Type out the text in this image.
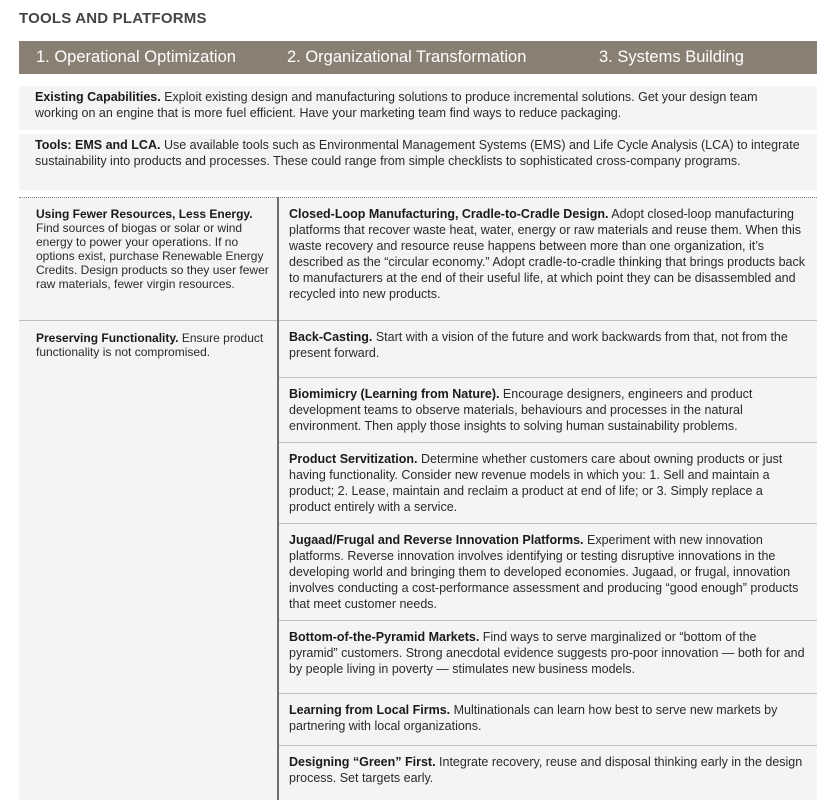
TOOLS AND PLATFORMS
1. Operational Optimization	2. Organizational Transformation	3. Systems Building
Existing Capabilities. Exploit existing design and manufacturing solutions to produce incremental solutions. Get your design team working on an engine that is more fuel efficient. Have your marketing team find ways to reduce packaging.
Tools: EMS and LCA. Use available tools such as Environmental Management Systems (EMS) and Life Cycle Analysis (LCA) to integrate sustainability into products and processes. These could range from simple checklists to sophisticated cross-company programs.
Using Fewer Resources, Less Energy. Find sources of biogas or solar or wind energy to power your operations. If no options exist, purchase Renewable Energy Credits. Design products so they user fewer raw materials, fewer virgin resources.
Preserving Functionality. Ensure product functionality is not compromised.
Closed-Loop Manufacturing, Cradle-to-Cradle Design. Adopt closed-loop manufacturing platforms that recover waste heat, water, energy or raw materials and reuse them. When this waste recovery and resource reuse happens between more than one organization, it’s described as the “circular economy.” Adopt cradle-to-cradle thinking that brings products back to manufacturers at the end of their useful life, at which point they can be disassembled and recycled into new products.
Back-Casting. Start with a vision of the future and work backwards from that, not from the present forward.
Biomimicry (Learning from Nature). Encourage designers, engineers and product development teams to observe materials, behaviours and processes in the natural environment. Then apply those insights to solving human sustainability problems.
Product Servitization. Determine whether customers care about owning products or just having functionality. Consider new revenue models in which you: 1. Sell and maintain a product; 2. Lease, maintain and reclaim a product at end of life; or 3. Simply replace a product entirely with a service.
Jugaad/Frugal and Reverse Innovation Platforms. Experiment with new innovation platforms. Reverse innovation involves identifying or testing disruptive innovations in the developing world and bringing them to developed economies. Jugaad, or frugal, innovation involves conducting a cost-performance assessment and producing “good enough” products that meet customer needs.
Bottom-of-the-Pyramid Markets. Find ways to serve marginalized or “bottom of the pyramid” customers. Strong anecdotal evidence suggests pro-poor innovation — both for and by people living in poverty — stimulates new business models.
Learning from Local Firms. Multinationals can learn how best to serve new markets by partnering with local organizations.
Designing “Green” First. Integrate recovery, reuse and disposal thinking early in the design process. Set targets early.
